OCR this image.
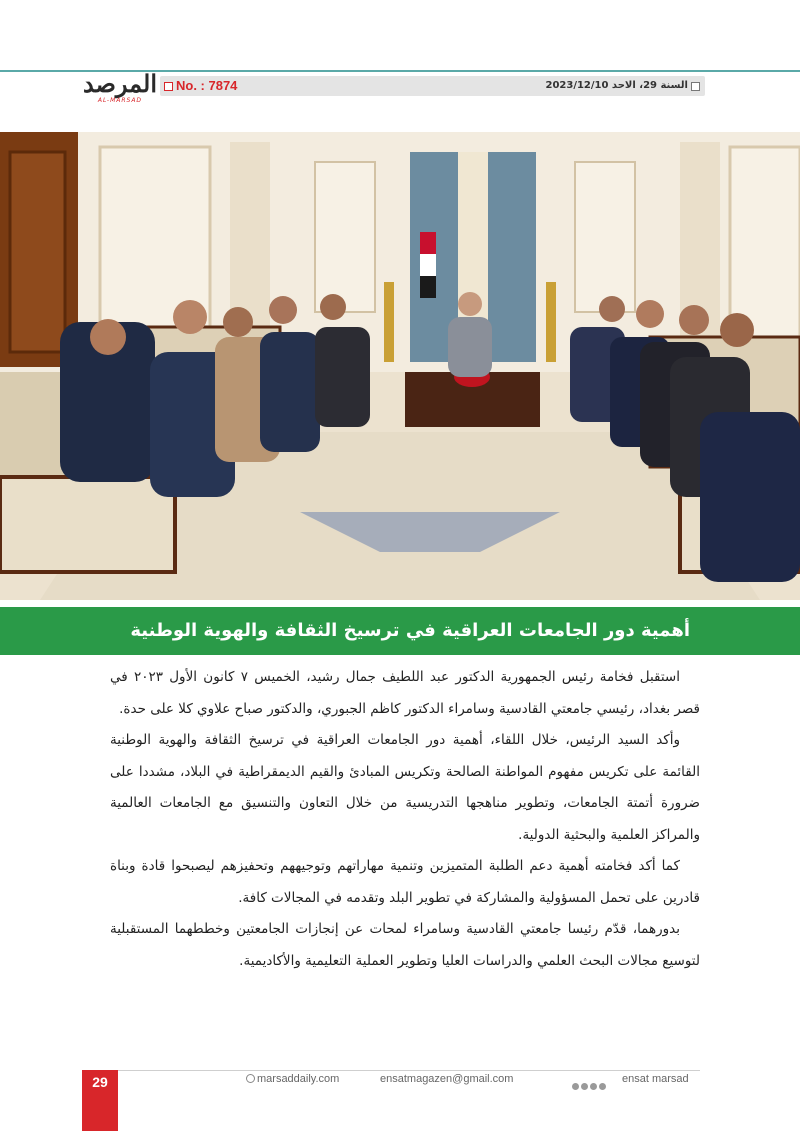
المرصد
AL-MARSAD
No. : 7874	السنة 29، الاحد 2023/12/10
أهمية دور الجامعات العراقية في ترسيخ الثقافة والهوية الوطنية

استقبل فخامة رئيس الجمهورية الدكتور عبد اللطيف جمال رشيد، الخميس ٧ كانون الأول ٢٠٢٣ في قصر بغداد، رئيسي جامعتي القادسية وسامراء الدكتور كاظم الجبوري، والدكتور صباح علاوي كلا على حدة.

وأكد السيد الرئيس، خلال اللقاء، أهمية دور الجامعات العراقية في ترسيخ الثقافة والهوية الوطنية القائمة على تكريس مفهوم المواطنة الصالحة وتكريس المبادئ والقيم الديمقراطية في البلاد، مشددا على ضرورة أتمتة الجامعات، وتطوير مناهجها التدريسية من خلال التعاون والتنسيق مع الجامعات العالمية والمراكز العلمية والبحثية الدولية.

كما أكد فخامته أهمية دعم الطلبة المتميزين وتنمية مهاراتهم وتوجيههم وتحفيزهم ليصبحوا قادة وبناة قادرين على تحمل المسؤولية والمشاركة في تطوير البلد وتقدمه في المجالات كافة.

بدورهما، قدّم رئيسا جامعتي القادسية وسامراء لمحات عن إنجازات الجامعتين وخططهما المستقبلية لتوسيع مجالات البحث العلمي والدراسات العليا وتطوير العملية التعليمية والأكاديمية.

29	marsaddaily.com	ensatmagazen@gmail.com	ensat marsad
